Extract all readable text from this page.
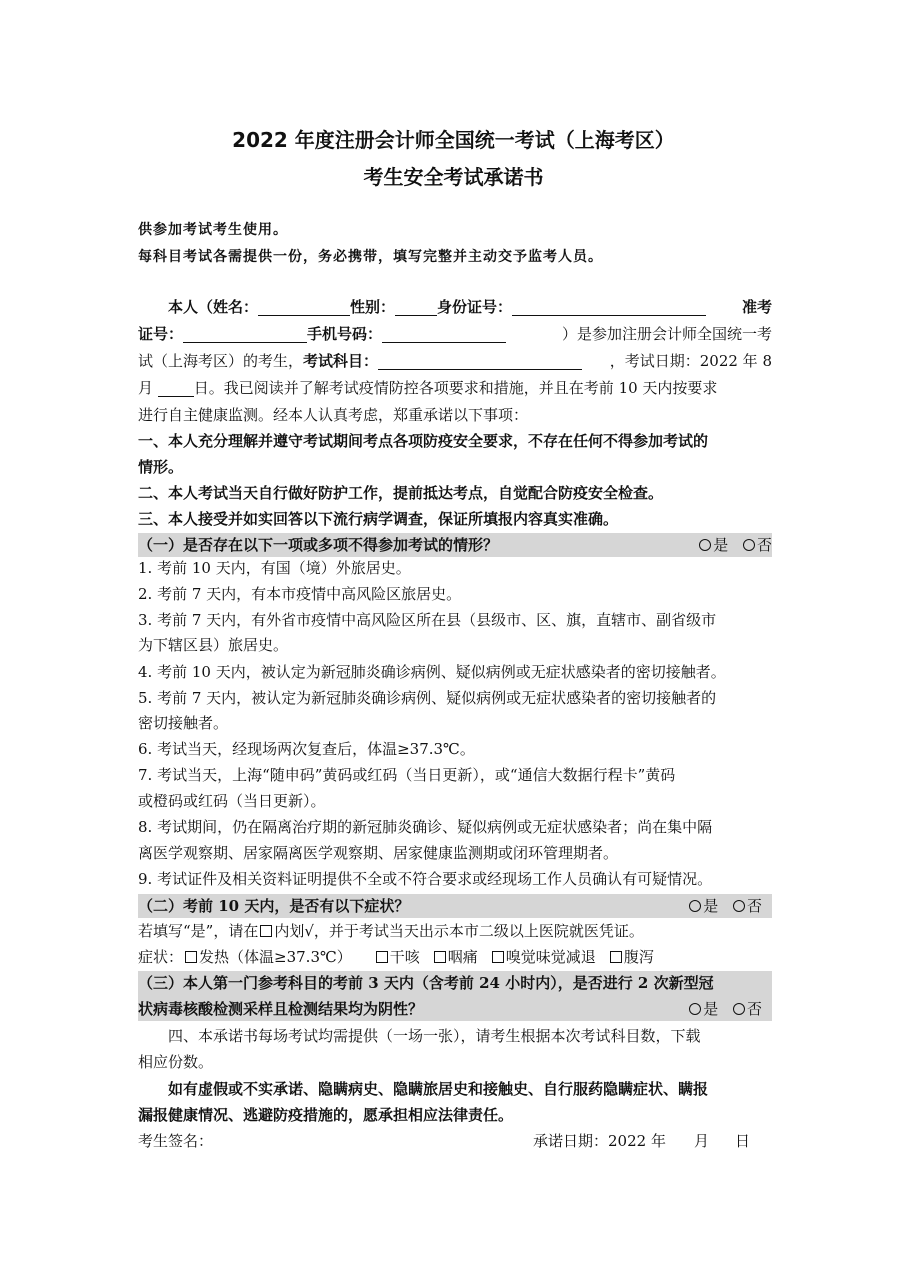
2022 年度注册会计师全国统一考试（上海考区）
考生安全考试承诺书
供参加考试考生使用。
每科目考试各需提供一份，务必携带，填写完整并主动交予监考人员。
本人（姓名：	性别：	身份证号：	准考
证号：	手机号码：	）是参加注册会计师全国统一考
试（上海考区）的考生，考试科目：	，考试日期：2022 年 8
月	日。我已阅读并了解考试疫情防控各项要求和措施，并且在考前 10 天内按要求
进行自主健康监测。经本人认真考虑，郑重承诺以下事项：
一、本人充分理解并遵守考试期间考点各项防疫安全要求，不存在任何不得参加考试的
情形。
二、本人考试当天自行做好防护工作，提前抵达考点，自觉配合防疫安全检查。
三、本人接受并如实回答以下流行病学调查，保证所填报内容真实准确。
（一）是否存在以下一项或多项不得参加考试的情形？	是 否
1. 考前 10 天内，有国（境）外旅居史。
2. 考前 7 天内，有本市疫情中高风险区旅居史。
3. 考前 7 天内，有外省市疫情中高风险区所在县（县级市、区、旗，直辖市、副省级市
为下辖区县）旅居史。
4. 考前 10 天内，被认定为新冠肺炎确诊病例、疑似病例或无症状感染者的密切接触者。
5. 考前 7 天内，被认定为新冠肺炎确诊病例、疑似病例或无症状感染者的密切接触者的
密切接触者。
6. 考试当天，经现场两次复查后，体温≥37.3℃。
7. 考试当天，上海“随申码”黄码或红码（当日更新），或“通信大数据行程卡”黄码
或橙码或红码（当日更新）。
8. 考试期间，仍在隔离治疗期的新冠肺炎确诊、疑似病例或无症状感染者；尚在集中隔
离医学观察期、居家隔离医学观察期、居家健康监测期或闭环管理期者。
9. 考试证件及相关资料证明提供不全或不符合要求或经现场工作人员确认有可疑情况。
（二）考前 10 天内，是否有以下症状？	是 否
若填写“是”，请在 内划√，并于考试当天出示本市二级以上医院就医凭证。
症状： 发热（体温≥37.3℃）	干咳 咽痛 嗅觉味觉减退 腹泻
（三）本人第一门参考科目的考前 3 天内（含考前 24 小时内），是否进行 2 次新型冠
状病毒核酸检测采样且检测结果均为阴性？	是 否
四、本承诺书每场考试均需提供（一场一张），请考生根据本次考试科目数，下载
相应份数。
如有虚假或不实承诺、隐瞒病史、隐瞒旅居史和接触史、自行服药隐瞒症状、瞒报
漏报健康情况、逃避防疫措施的，愿承担相应法律责任。
考生签名：	承诺日期：2022 年 月 日
